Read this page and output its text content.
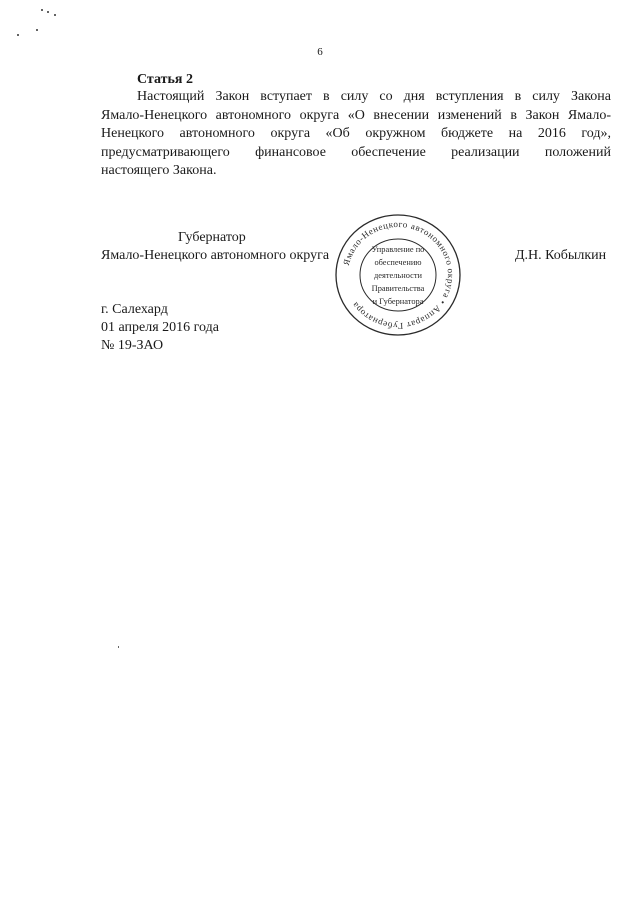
6
Статья 2
Настоящий Закон вступает в силу со дня вступления в силу Закона
Ямало-Ненецкого автономного округа «О внесении изменений в Закон Ямало-
Ненецкого автономного округа «Об окружном бюджете на 2016 год»,
предусматривающего финансовое обеспечение реализации положений
настоящего Закона.
Губернатор
Ямало-Ненецкого автономного округа	Д.Н. Кобылкин
Ямало-Ненецкого автономного округа • Аппарат Губернатора
Управление по
обеспечению
деятельности
Правительства
и Губернатора
г. Салехард
01 апреля 2016 года
№ 19-ЗАО
